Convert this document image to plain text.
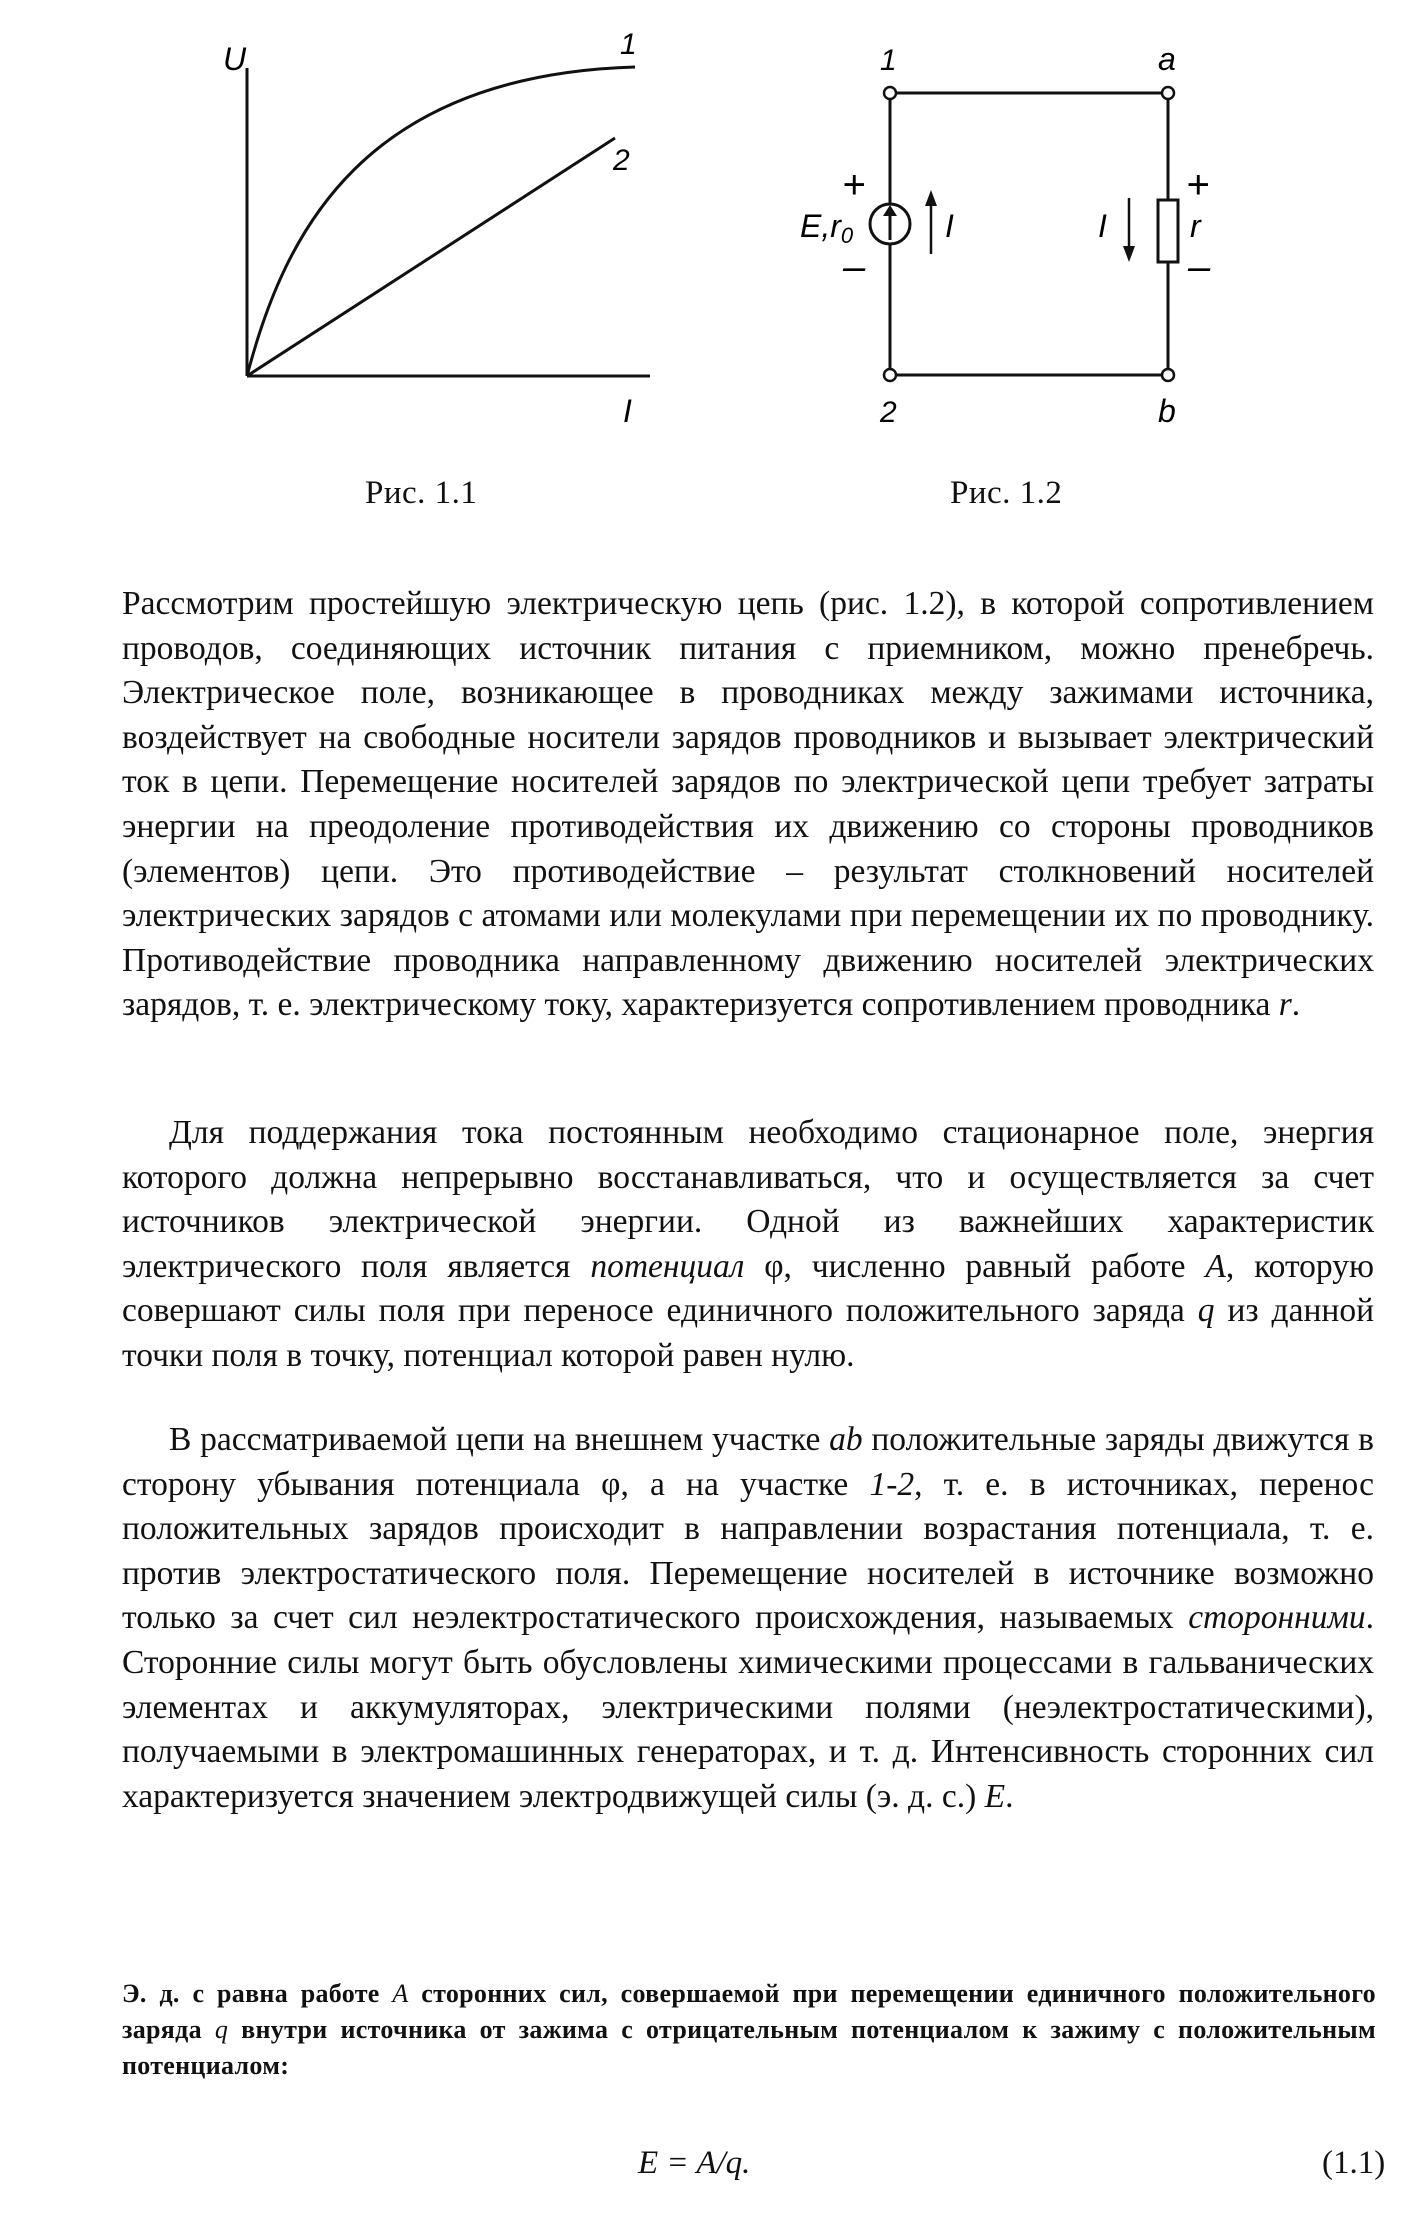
U
I
1
2
Рис. 1.1
1	a
2	b
+
–
+
–
E,r0	I	I	r
Рис. 1.2

Рассмотрим простейшую электрическую цепь (рис. 1.2), в которой сопротивлением проводов, соединяющих источник питания с приемником, можно пренебречь. Электрическое поле, возникающее в проводниках между зажимами источника, воздействует на свободные носители зарядов проводников и вызывает электрический ток в цепи. Перемещение носителей зарядов по электрической цепи требует затраты энергии на преодоление противодействия их движению со стороны проводников (элементов) цепи. Это противодействие – результат столкновений носителей электрических зарядов с атомами или молекулами при перемещении их по проводнику. Противодействие проводника направленному движению носителей электрических зарядов, т. е. электрическому току, характеризуется сопротивлением проводника r.

Для поддержания тока постоянным необходимо стационарное поле, энергия которого должна непрерывно восстанавливаться, что и осуществляется за счет источников электрической энергии. Одной из важнейших характеристик электрического поля является потенциал φ, численно равный работе A, которую совершают силы поля при переносе единичного положительного заряда q из данной точки поля в точку, потенциал которой равен нулю.

В рассматриваемой цепи на внешнем участке ab положительные заряды движутся в сторону убывания потенциала φ, а на участке 1-2, т. е. в источниках, перенос положительных зарядов происходит в направлении возрастания потенциала, т. е. против электростатического поля. Перемещение носителей в источнике возможно только за счет сил неэлектростатического происхождения, называемых сторонними. Сторонние силы могут быть обусловлены химическими процессами в гальванических элементах и аккумуляторах, электрическими полями (неэлектростатическими), получаемыми в электромашинных генераторах, и т. д. Интенсивность сторонних сил характеризуется значением электродвижущей силы (э. д. с.) E.

Э. д. с равна работе A сторонних сил, совершаемой при перемещении единичного положительного заряда q внутри источника от зажима с отрицательным потенциалом к зажиму с положительным потенциалом:

E = A/q.	(1.1)
